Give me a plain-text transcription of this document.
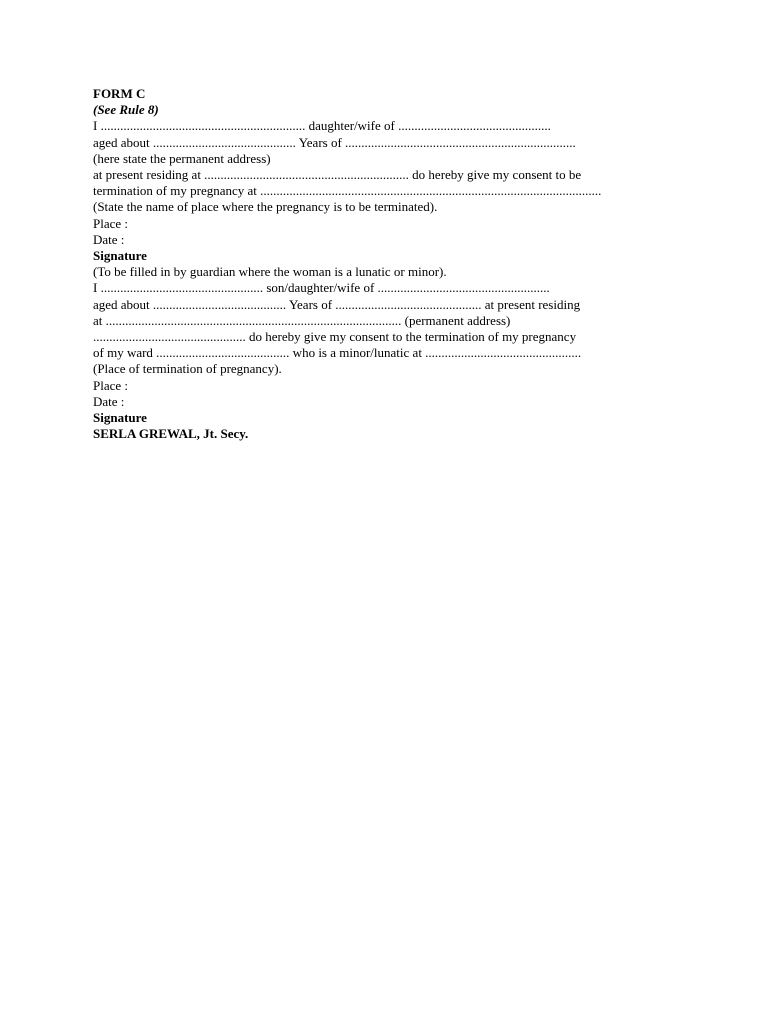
FORM C
(See Rule 8)
I ............................................................... daughter/wife of ...............................................
aged about ............................................ Years of .......................................................................
(here state the permanent address)
at present residing at ............................................................... do hereby give my consent to be
termination of my pregnancy at .........................................................................................................
(State the name of place where the pregnancy is to be terminated).
Place :
Date :
Signature
(To be filled in by guardian where the woman is a lunatic or minor).
I .................................................. son/daughter/wife of .....................................................
aged about ......................................... Years of ............................................. at present residing
at ........................................................................................... (permanent address)
............................................... do hereby give my consent to the termination of my pregnancy
of my ward ......................................... who is a minor/lunatic at ................................................
(Place of termination of pregnancy).
Place :
Date :
Signature
SERLA GREWAL, Jt. Secy.
